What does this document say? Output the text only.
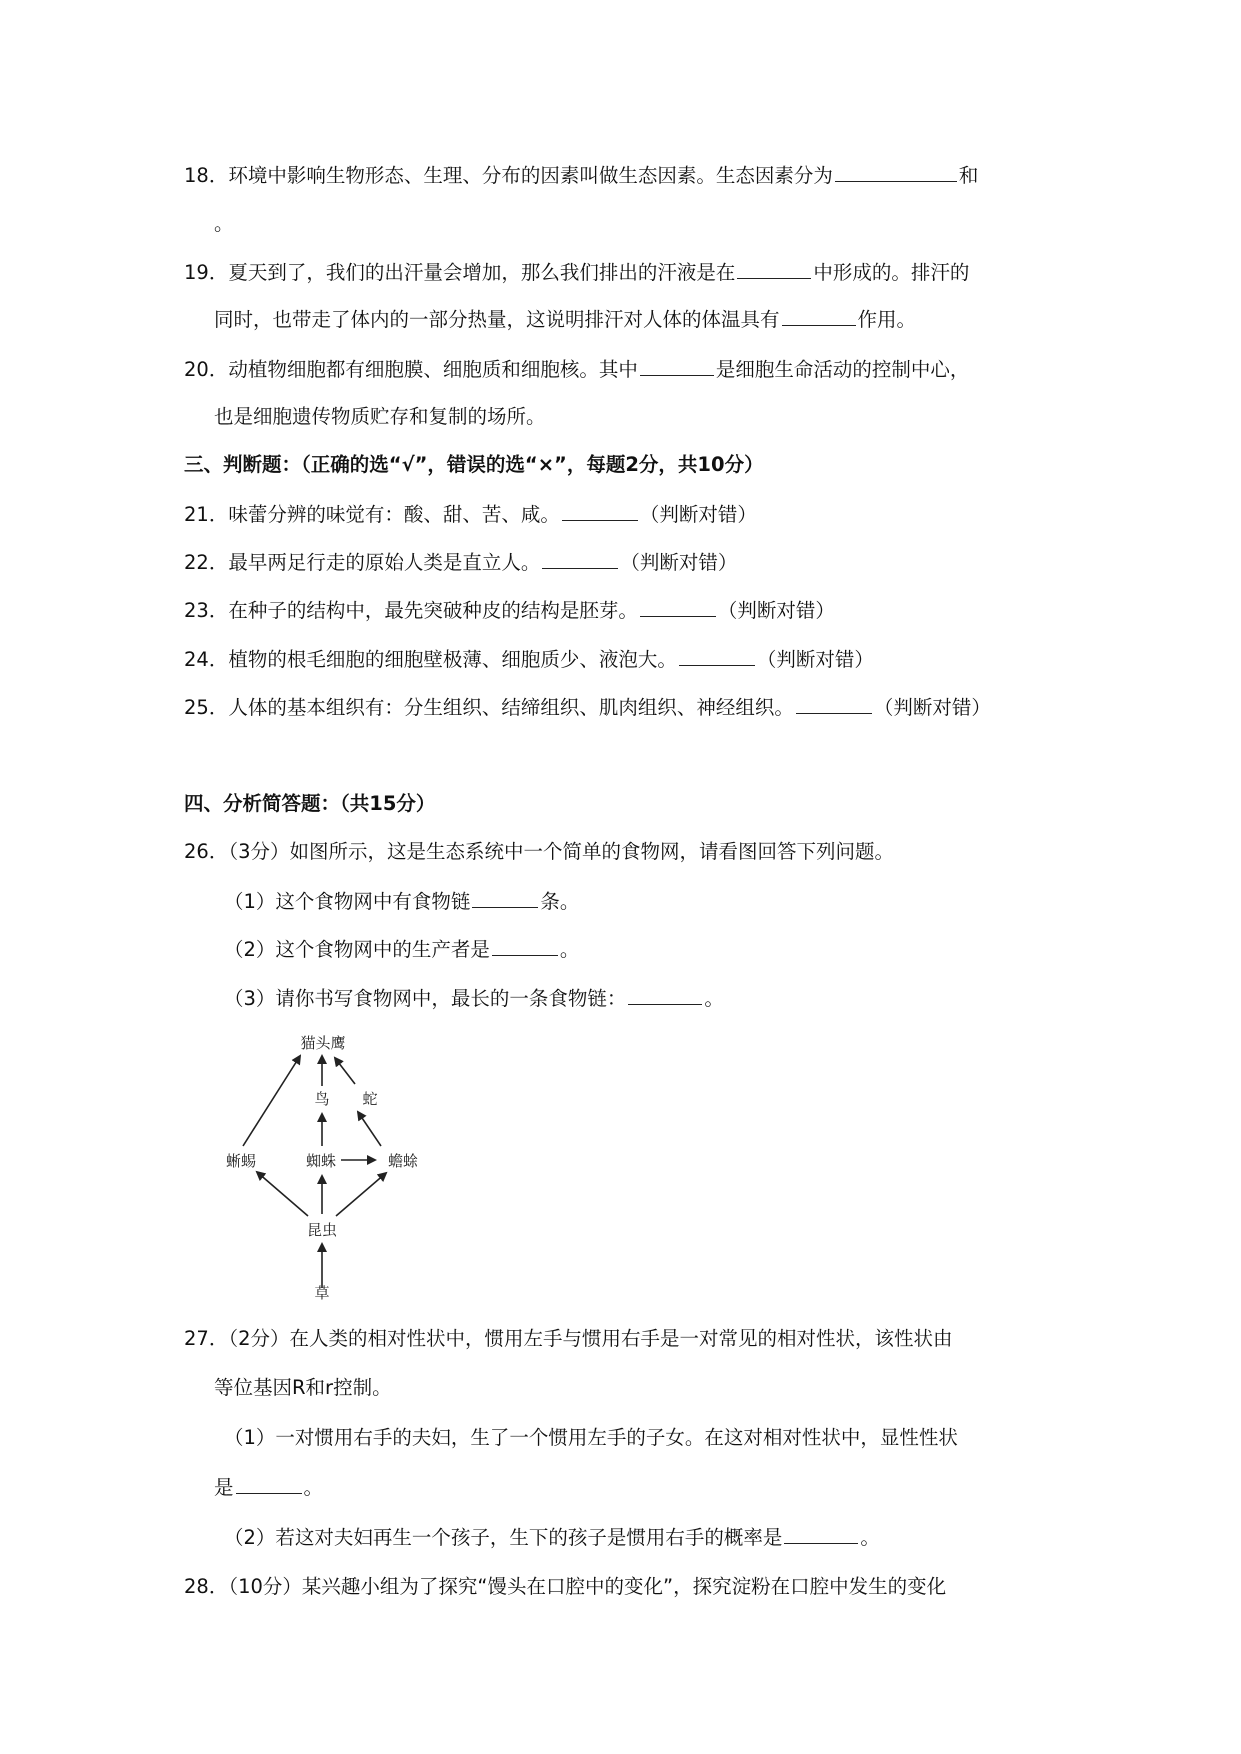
18．环境中影响生物形态、生理、分布的因素叫做生态因素。生态因素分为	和
。
19．夏天到了，我们的出汗量会增加，那么我们排出的汗液是在	中形成的。排汗的
同时，也带走了体内的一部分热量，这说明排汗对人体的体温具有	作用。
20．动植物细胞都有细胞膜、细胞质和细胞核。其中	是细胞生命活动的控制中心，
也是细胞遗传物质贮存和复制的场所。
三、判断题：（正确的选“√”，错误的选“×”，每题2分，共10分）
21．味蕾分辨的味觉有：酸、甜、苦、咸。	（判断对错）
22．最早两足行走的原始人类是直立人。	（判断对错）
23．在种子的结构中，最先突破种皮的结构是胚芽。	（判断对错）
24．植物的根毛细胞的细胞壁极薄、细胞质少、液泡大。	（判断对错）
25．人体的基本组织有：分生组织、结缔组织、肌肉组织、神经组织。	（判断对错）
四、分析简答题：（共15分）
26．（3分）如图所示，这是生态系统中一个简单的食物网，请看图回答下列问题。
（1）这个食物网中有食物链	条。
（2）这个食物网中的生产者是	。
（3）请你书写食物网中，最长的一条食物链：	。
猫头鹰
鸟 蛇
蜥蜴	蜘蛛	蟾蜍
昆虫
草
27．（2分）在人类的相对性状中，惯用左手与惯用右手是一对常见的相对性状，该性状由
等位基因R和r控制。
（1）一对惯用右手的夫妇，生了一个惯用左手的子女。在这对相对性状中，显性性状
是	。
（2）若这对夫妇再生一个孩子，生下的孩子是惯用右手的概率是	。
28．（10分）某兴趣小组为了探究“馒头在口腔中的变化”，探究淀粉在口腔中发生的变化
